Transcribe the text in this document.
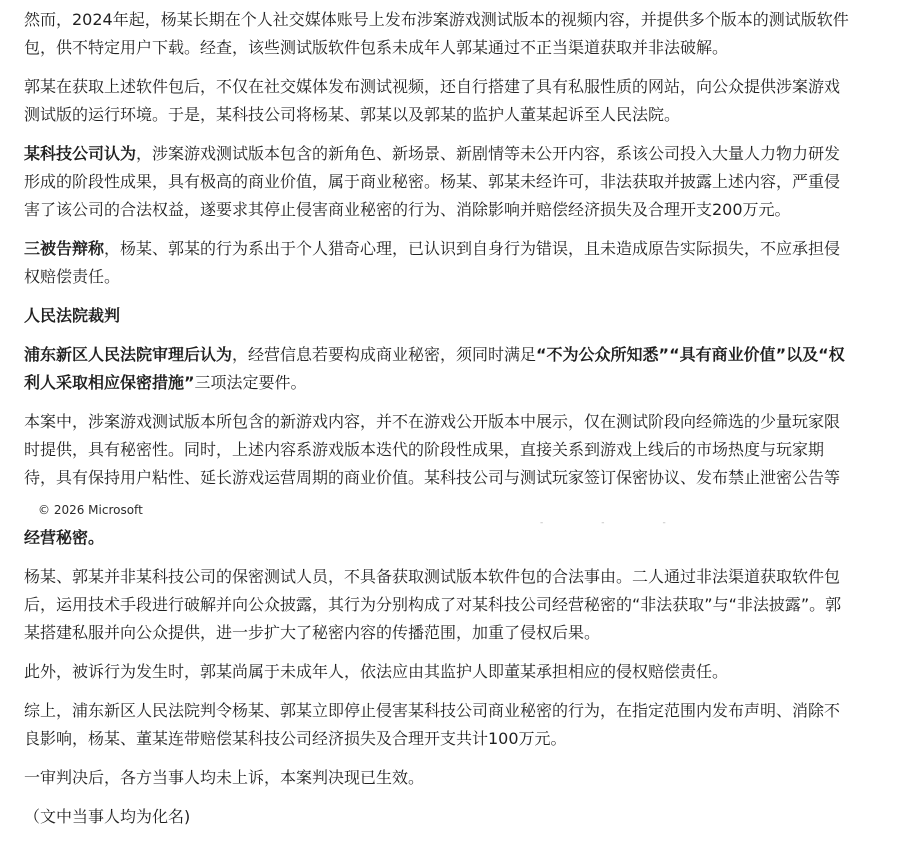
然而，2024年起，杨某长期在个人社交媒体账号上发布涉案游戏测试版本的视频内容，并提供多个版本的测试版软件
包，供不特定用户下载。经查，该些测试版软件包系未成年人郭某通过不正当渠道获取并非法破解。

郭某在获取上述软件包后，不仅在社交媒体发布测试视频，还自行搭建了具有私服性质的网站，向公众提供涉案游戏
测试版的运行环境。于是，某科技公司将杨某、郭某以及郭某的监护人董某起诉至人民法院。

某科技公司认为，涉案游戏测试版本包含的新角色、新场景、新剧情等未公开内容，系该公司投入大量人力物力研发
形成的阶段性成果，具有极高的商业价值，属于商业秘密。杨某、郭某未经许可，非法获取并披露上述内容，严重侵
害了该公司的合法权益，遂要求其停止侵害商业秘密的行为、消除影响并赔偿经济损失及合理开支200万元。

三被告辩称，杨某、郭某的行为系出于个人猎奇心理，已认识到自身行为错误，且未造成原告实际损失，不应承担侵
权赔偿责任。

人民法院裁判

浦东新区人民法院审理后认为，经营信息若要构成商业秘密，须同时满足“不为公众所知悉”“具有商业价值”以及“权
利人采取相应保密措施”三项法定要件。

本案中，涉案游戏测试版本所包含的新游戏内容，并不在游戏公开版本中展示，仅在测试阶段向经筛选的少量玩家限
时提供，具有秘密性。同时，上述内容系游戏版本迭代的阶段性成果，直接关系到游戏上线后的市场热度与玩家期
待，具有保持用户粘性、延长游戏运营周期的商业价值。某科技公司与测试玩家签订保密协议、发布禁止泄密公告等

---
© 2026 Microsoft

经营秘密。

杨某、郭某并非某科技公司的保密测试人员，不具备获取测试版本软件包的合法事由。二人通过非法渠道获取软件包
后，运用技术手段进行破解并向公众披露，其行为分别构成了对某科技公司经营秘密的“非法获取”与“非法披露”。郭
某搭建私服并向公众提供，进一步扩大了秘密内容的传播范围，加重了侵权后果。

此外，被诉行为发生时，郭某尚属于未成年人，依法应由其监护人即董某承担相应的侵权赔偿责任。

综上，浦东新区人民法院判令杨某、郭某立即停止侵害某科技公司商业秘密的行为，在指定范围内发布声明、消除不
良影响，杨某、董某连带赔偿某科技公司经济损失及合理开支共计100万元。

一审判决后，各方当事人均未上诉，本案判决现已生效。

（文中当事人均为化名)
